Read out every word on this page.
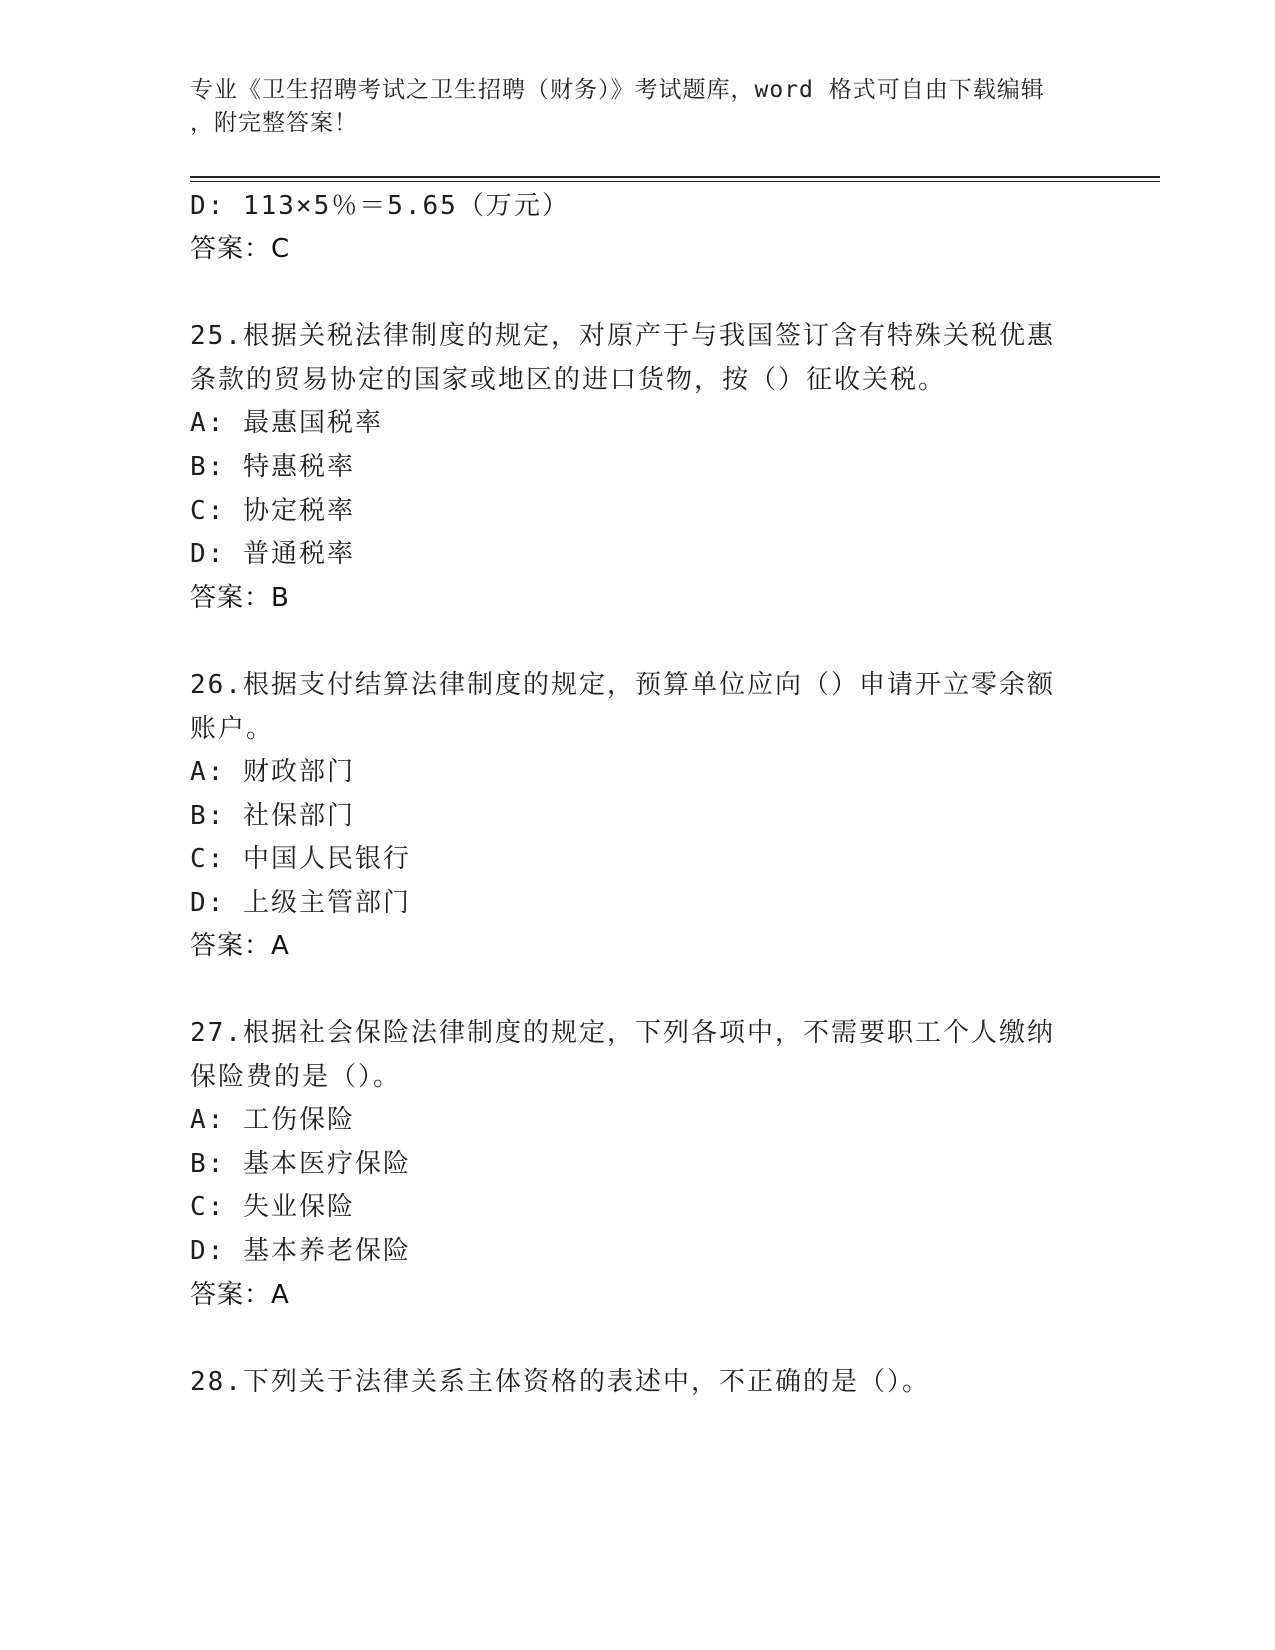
专业《卫生招聘考试之卫生招聘（财务）》考试题库，word 格式可自由下载编辑
，附完整答案！
D: 113×5％＝5.65（万元）
答案：C
25.根据关税法律制度的规定，对原产于与我国签订含有特殊关税优惠
条款的贸易协定的国家或地区的进口货物，按（）征收关税。
A: 最惠国税率
B: 特惠税率
C: 协定税率
D: 普通税率
答案：B
26.根据支付结算法律制度的规定，预算单位应向（）申请开立零余额
账户。
A: 财政部门
B: 社保部门
C: 中国人民银行
D: 上级主管部门
答案：A
27.根据社会保险法律制度的规定，下列各项中，不需要职工个人缴纳
保险费的是（）。
A: 工伤保险
B: 基本医疗保险
C: 失业保险
D: 基本养老保险
答案：A
28.下列关于法律关系主体资格的表述中，不正确的是（）。
